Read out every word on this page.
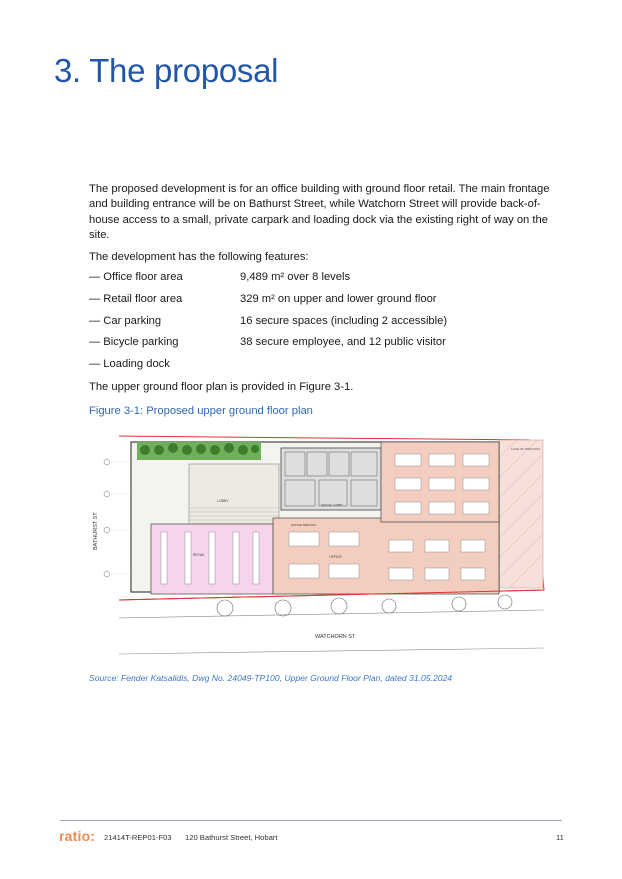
3. The proposal

The proposed development is for an office building with ground floor retail. The main frontage and building entrance will be on Bathurst Street, while Watchorn Street will provide back-of-house access to a small, private carpark and loading dock via the existing right of way on the site.

The development has the following features:

— Office floor area	9,489 m² over 8 levels
— Retail floor area	329 m² on upper and lower ground floor
— Car parking	16 secure spaces (including 2 accessible)
— Bicycle parking	38 secure employee, and 12 public visitor
— Loading dock

The upper ground floor plan is provided in Figure 3-1.

Figure 3-1: Proposed upper ground floor plan

LANE OF PREVIOUS
LOBBY
OFFICE LOBBY
RETAIL
OFFICE MEETING
OFFICE
WATCHORN ST
BATHURST ST
Source: Fender Katsalidis, Dwg No. 24049-TP100, Upper Ground Floor Plan, dated 31.05.2024
ratio: 21414T-REP01-F03 120 Bathurst Street, Hobart	11
